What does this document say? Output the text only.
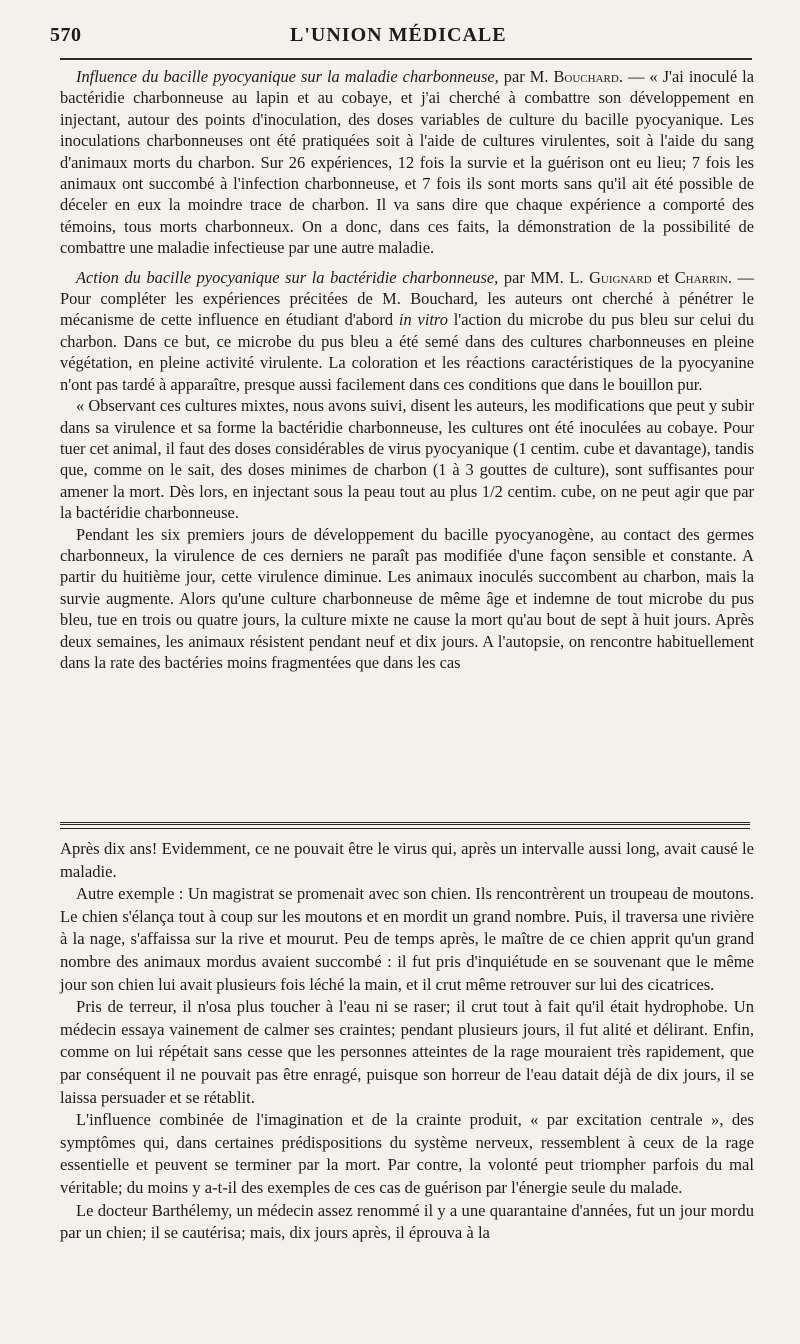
570	L'UNION MÉDICALE

Influence du bacille pyocyanique sur la maladie charbonneuse, par M. Bouchard. — « J'ai inoculé la bactéridie charbonneuse au lapin et au cobaye, et j'ai cherché à combattre son développement en injectant, autour des points d'inoculation, des doses variables de culture du bacille pyocyanique. Les inoculations charbonneuses ont été pratiquées soit à l'aide de cultures virulentes, soit à l'aide du sang d'animaux morts du charbon. Sur 26 expériences, 12 fois la survie et la guérison ont eu lieu; 7 fois les animaux ont succombé à l'infection charbonneuse, et 7 fois ils sont morts sans qu'il ait été possible de déceler en eux la moindre trace de charbon. Il va sans dire que chaque expérience a comporté des témoins, tous morts charbonneux. On a donc, dans ces faits, la démonstration de la possibilité de combattre une maladie infectieuse par une autre maladie.

Action du bacille pyocyanique sur la bactéridie charbonneuse, par MM. L. Guignard et Charrin. — Pour compléter les expériences précitées de M. Bouchard, les auteurs ont cherché à pénétrer le mécanisme de cette influence en étudiant d'abord in vitro l'action du microbe du pus bleu sur celui du charbon. Dans ce but, ce microbe du pus bleu a été semé dans des cultures charbonneuses en pleine végétation, en pleine activité virulente. La coloration et les réactions caractéristiques de la pyocyanine n'ont pas tardé à apparaître, presque aussi facilement dans ces conditions que dans le bouillon pur.

« Observant ces cultures mixtes, nous avons suivi, disent les auteurs, les modifications que peut y subir dans sa virulence et sa forme la bactéridie charbonneuse, les cultures ont été inoculées au cobaye. Pour tuer cet animal, il faut des doses considérables de virus pyocyanique (1 centim. cube et davantage), tandis que, comme on le sait, des doses minimes de charbon (1 à 3 gouttes de culture), sont suffisantes pour amener la mort. Dès lors, en injectant sous la peau tout au plus 1/2 centim. cube, on ne peut agir que par la bactéridie charbonneuse.

Pendant les six premiers jours de développement du bacille pyocyanogène, au contact des germes charbonneux, la virulence de ces derniers ne paraît pas modifiée d'une façon sensible et constante. A partir du huitième jour, cette virulence diminue. Les animaux inoculés succombent au charbon, mais la survie augmente. Alors qu'une culture charbonneuse de même âge et indemne de tout microbe du pus bleu, tue en trois ou quatre jours, la culture mixte ne cause la mort qu'au bout de sept à huit jours. Après deux semaines, les animaux résistent pendant neuf et dix jours. A l'autopsie, on rencontre habituellement dans la rate des bactéries moins fragmentées que dans les cas

Après dix ans! Evidemment, ce ne pouvait être le virus qui, après un intervalle aussi long, avait causé le maladie.

Autre exemple : Un magistrat se promenait avec son chien. Ils rencontrèrent un troupeau de moutons. Le chien s'élança tout à coup sur les moutons et en mordit un grand nombre. Puis, il traversa une rivière à la nage, s'affaissa sur la rive et mourut. Peu de temps après, le maître de ce chien apprit qu'un grand nombre des animaux mordus avaient succombé : il fut pris d'inquiétude en se souvenant que le même jour son chien lui avait plusieurs fois léché la main, et il crut même retrouver sur lui des cicatrices.

Pris de terreur, il n'osa plus toucher à l'eau ni se raser; il crut tout à fait qu'il était hydrophobe. Un médecin essaya vainement de calmer ses craintes; pendant plusieurs jours, il fut alité et délirant. Enfin, comme on lui répétait sans cesse que les personnes atteintes de la rage mouraient très rapidement, que par conséquent il ne pouvait pas être enragé, puisque son horreur de l'eau datait déjà de dix jours, il se laissa persuader et se rétablit.

L'influence combinée de l'imagination et de la crainte produit, « par excitation centrale », des symptômes qui, dans certaines prédispositions du système nerveux, ressemblent à ceux de la rage essentielle et peuvent se terminer par la mort. Par contre, la volonté peut triompher parfois du mal véritable; du moins y a-t-il des exemples de ces cas de guérison par l'énergie seule du malade.

Le docteur Barthélemy, un médecin assez renommé il y a une quarantaine d'années, fut un jour mordu par un chien; il se cautérisa; mais, dix jours après, il éprouva à la
